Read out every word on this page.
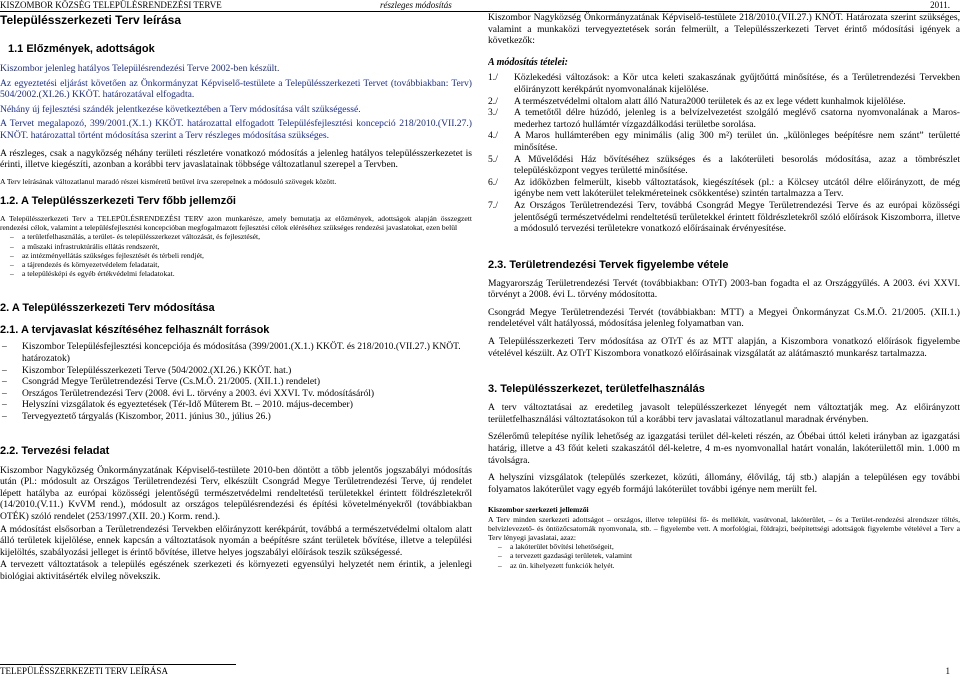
KISZOMBOR KÖZSÉG TELEPÜLÉSRENDEZÉSI TERVE	részleges módosítás	2011.
Településszerkezeti Terv leírása
1.1 Előzmények, adottságok

Kiszombor jelenleg hatályos Településrendezési Terve 2002-ben készült.

Az egyeztetési eljárást követően az Önkormányzat Képviselő-testülete a Településszerkezeti Tervet (továbbiakban: Terv) 504/2002.(XI.26.) KKÖT. határozatával elfogadta.

Néhány új fejlesztési szándék jelentkezése következtében a Terv módosítása vált szükségessé.

A Tervet megalapozó, 399/2001.(X.1.) KKÖT. határozattal elfogadott Településfejlesztési koncepció 218/2010.(VII.27.) KNÖT. határozattal történt módosítása szerint a Terv részleges módosítása szükséges.

A részleges, csak a nagyközség néhány területi részletére vonatkozó módosítás a jelenleg hatályos településszerkezetet is érinti, illetve kiegészíti, azonban a korábbi terv javaslatainak többsége változatlanul szerepel a Tervben.

A Terv leírásának változatlanul maradó részei kisméretű betűvel írva szerepelnek a módosuló szövegek között.

1.2. A Településszerkezeti Terv főbb jellemzői

A Településszerkezeti Terv a TELEPÜLÉSRENDEZÉSI TERV azon munkarésze, amely bemutatja az előzmények, adottságok alapján összegzett rendezési célok, valamint a településfejlesztési koncepcióban megfogalmazott fejlesztési célok eléréséhez szükséges rendezési javaslatokat, ezen belül

– a területfelhasználás, a terület- és településszerkezet változását, és fejlesztését,
– a műszaki infrastruktúrális ellátás rendszerét,
– az intézményellátás szükséges fejlesztését és térbeli rendjét,
– a tájrendezés és környezetvédelem feladatait,
– a településképi és egyéb értékvédelmi feladatokat.
2. A Településszerkezeti Terv módosítása
2.1. A tervjavaslat készítéséhez felhasznált források
– Kiszombor Településfejlesztési koncepciója és módosítása (399/2001.(X.1.) KKÖT. és 218/2010.(VII.27.) KNÖT. határozatok)
– Kiszombor Településszerkezeti Terve (504/2002.(XI.26.) KKÖT. hat.)
– Csongrád Megye Területrendezési Terve (Cs.M.Ö. 21/2005. (XII.1.) rendelet)
– Országos Területrendezési Terv (2008. évi L. törvény a 2003. évi XXVI. Tv. módosításáról)
– Helyszíni vizsgálatok és egyeztetések (Tér-Idő Műterem Bt. – 2010. május-december)
– Tervegyeztető tárgyalás (Kiszombor, 2011. június 30., július 26.)
2.2. Tervezési feladat

Kiszombor Nagyközség Önkormányzatának Képviselő-testülete 2010-ben döntött a több jelentős jogszabályi módosítás után (Pl.: módosult az Országos Területrendezési Terv, elkészült Csongrád Megye Területrendezési Terve, új rendelet lépett hatályba az európai közösségi jelentőségű természetvédelmi rendeltetésű területekkel érintett földrészletekről (14/2010.(V.11.) KvVM rend.), módosult az országos településrendezési és építési követelményekről (továbbiakban OTÉK) szóló rendelet (253/1997.(XII. 20.) Korm. rend.).

A módosítást elsősorban a Területrendezési Tervekben előirányzott kerékpárút, továbbá a természetvédelmi oltalom alatt álló területek kijelölése, ennek kapcsán a változtatások nyomán a beépítésre szánt területek bővítése, illetve a települési kijelöltés, szabályozási jelleget is érintő bővítése, illetve helyes jogszabályi előírások teszik szükségessé.

A tervezett változtatások a település egészének szerkezeti és környezeti egyensúlyi helyzetét nem érintik, a jelenlegi biológiai aktivitásérték elvileg növekszik.

Kiszombor Nagyközség Önkormányzatának Képviselő-testülete 218/2010.(VII.27.) KNÖT. Határozata szerint szükséges, valamint a munkaközi tervegyeztetések során felmerült, a Településszerkezeti Tervet érintő módosítási igények a következők:

A módosítás tételei:
1./ Közlekedési változások: a Kör utca keleti szakaszának gyűjtőúttá minősítése, és a Területrendezési Tervekben előirányzott kerékpárút nyomvonalának kijelölése.
2./ A természetvédelmi oltalom alatt álló Natura2000 területek és az ex lege védett kunhalmok kijelölése.
3./ A temetőtől délre húzódó, jelenleg is a belvízelvezetést szolgáló meglévő csatorna nyomvonalának a Maros-mederhez tartozó hullámtér vízgazdálkodási területbe sorolása.
4./ A Maros hullámterében egy minimális (alig 300 m²) terület ún. „különleges beépítésre nem szánt” területté minősítése.
5./ A Művelődési Ház bővítéséhez szükséges és a lakóterületi besorolás módosítása, azaz a tömbrészlet településközpont vegyes területté minősítése.
6./ Az időközben felmerült, kisebb változtatások, kiegészítések (pl.: a Kölcsey utcától délre előirányzott, de még igénybe nem vett lakóterület telekméreteinek csökkentése) szintén tartalmazza a Terv.
7./ Az Országos Területrendezési Terv, továbbá Csongrád Megye Területrendezési Terve és az európai közösségi jelentőségű természetvédelmi rendeltetésű területekkel érintett földrészletekről szóló előírások Kiszomborra, illetve a módosuló tervezési területekre vonatkozó előírásainak érvényesítése.
2.3. Területrendezési Tervek figyelembe vétele

Magyarország Területrendezési Tervét (továbbiakban: OTrT) 2003-ban fogadta el az Országgyűlés. A 2003. évi XXVI. törvényt a 2008. évi L. törvény módosította.

Csongrád Megye Területrendezési Tervét (továbbiakban: MTT) a Megyei Önkormányzat Cs.M.Ö. 21/2005. (XII.1.) rendeletével vált hatályossá, módosítása jelenleg folyamatban van.

A Településszerkezeti Terv módosítása az OTrT és az MTT alapján, a Kiszombora vonatkozó előírások figyelembe vételével készült. Az OTrT Kiszombora vonatkozó előírásainak vizsgálatát az alátámasztó munkarész tartalmazza.

3. Településszerkezet, területfelhasználás

A terv változtatásai az eredetileg javasolt településszerkezet lényegét nem változtatják meg. Az előirányzott területfelhasználási változtatásokon túl a korábbi terv javaslatai változatlanul maradnak érvényben.

Szélerőmű telepítése nyílik lehetőség az igazgatási terület dél-keleti részén, az Óbébai úttól keleti irányban az igazgatási határig, illetve a 43 főút keleti szakaszától dél-keletre, 4 m-es nyomvonallal határt vonalán, lakóterülettől min. 1.000 m távolságra.

A helyszíni vizsgálatok (település szerkezet, közúti, állomány, élővilág, táj stb.) alapján a településen egy további folyamatos lakóterület vagy egyéb formájú lakóterület további igénye nem merült fel.

Kiszombor szerkezeti jellemzői

A Terv minden szerkezeti adottságot – országos, illetve települési fő- és mellékút, vasútvonal, lakóterület, – és a Terület-rendezési alrendszer töltés, belvízlevezető- és öntözőcsatornák nyomvonala, stb. – figyelembe vett. A morfológiai, földrajzi, beépítettségi adottságok figyelembe vételével a Terv a Terv lényegi javaslatai, azaz:

– a lakóterület bővítési lehetőségeit,
– a tervezett gazdasági területek, valamint
– az ún. kihelyezett funkciók helyét.
TELEPÜLÉSSZERKEZETI TERV LEÍRÁSA	1
